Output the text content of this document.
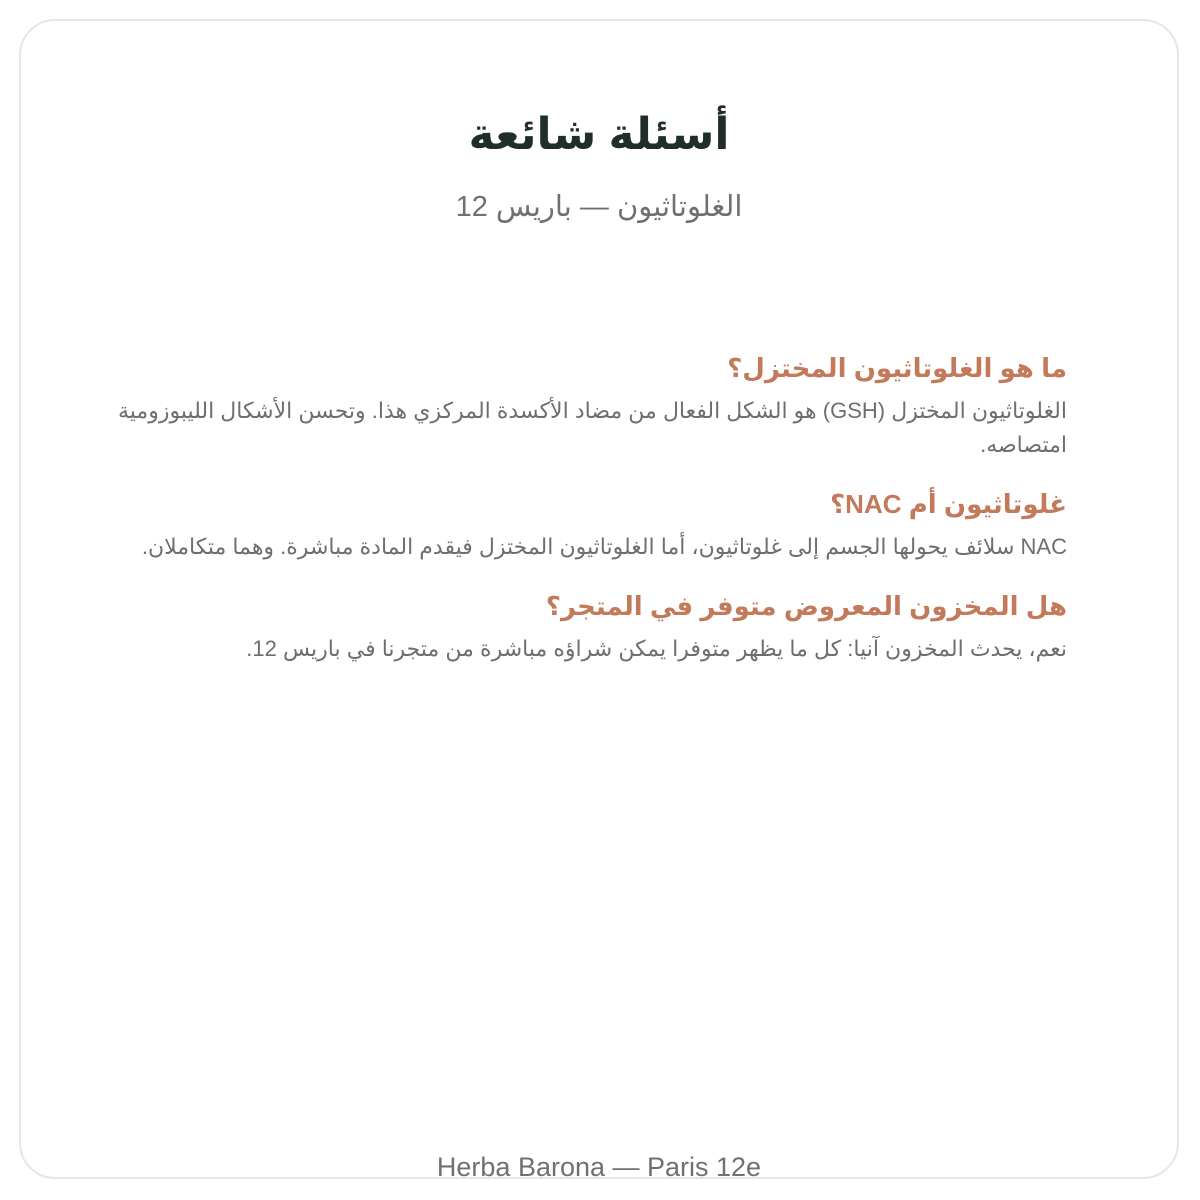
أسئلة شائعة
الغلوتاثيون — باريس 12
ما هو الغلوتاثيون المختزل؟

الغلوتاثيون المختزل (GSH) هو الشكل الفعال من مضاد الأكسدة المركزي هذا. وتحسن الأشكال الليبوزومية امتصاصه.

غلوتاثيون أم NAC؟

NAC سلائف يحولها الجسم إلى غلوتاثيون، أما الغلوتاثيون المختزل فيقدم المادة مباشرة. وهما متكاملان.

هل المخزون المعروض متوفر في المتجر؟

نعم، يحدث المخزون آنيا: كل ما يظهر متوفرا يمكن شراؤه مباشرة من متجرنا في باريس 12.

Herba Barona — Paris 12e
